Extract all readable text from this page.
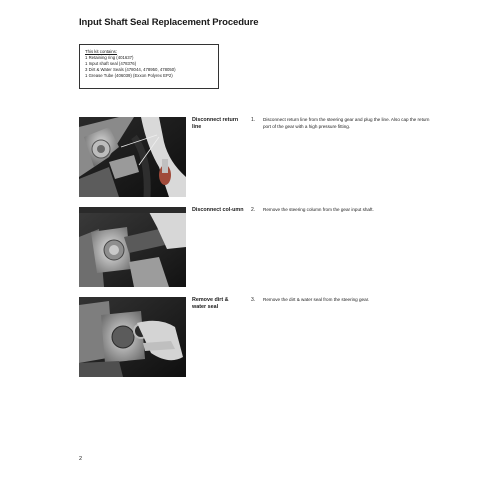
Input Shaft Seal Replacement Procedure
This kit contains:
1 Retaining ring (401637)
1 Input shaft seal (478376)
3 Dirt & Water Seals (478044, 478950, 478050)
1 Grease Tube (406039) (Exxon Polyrex EP2)
Disconnect return line
1. Disconnect return line from the steering gear and plug the line. Also cap the return port of the gear with a high pressure fitting.
Disconnect col-umn 2. Remove the steering column from the gear input shaft.
Remove dirt & water seal
3. Remove the dirt & water seal from the steering gear.
2
